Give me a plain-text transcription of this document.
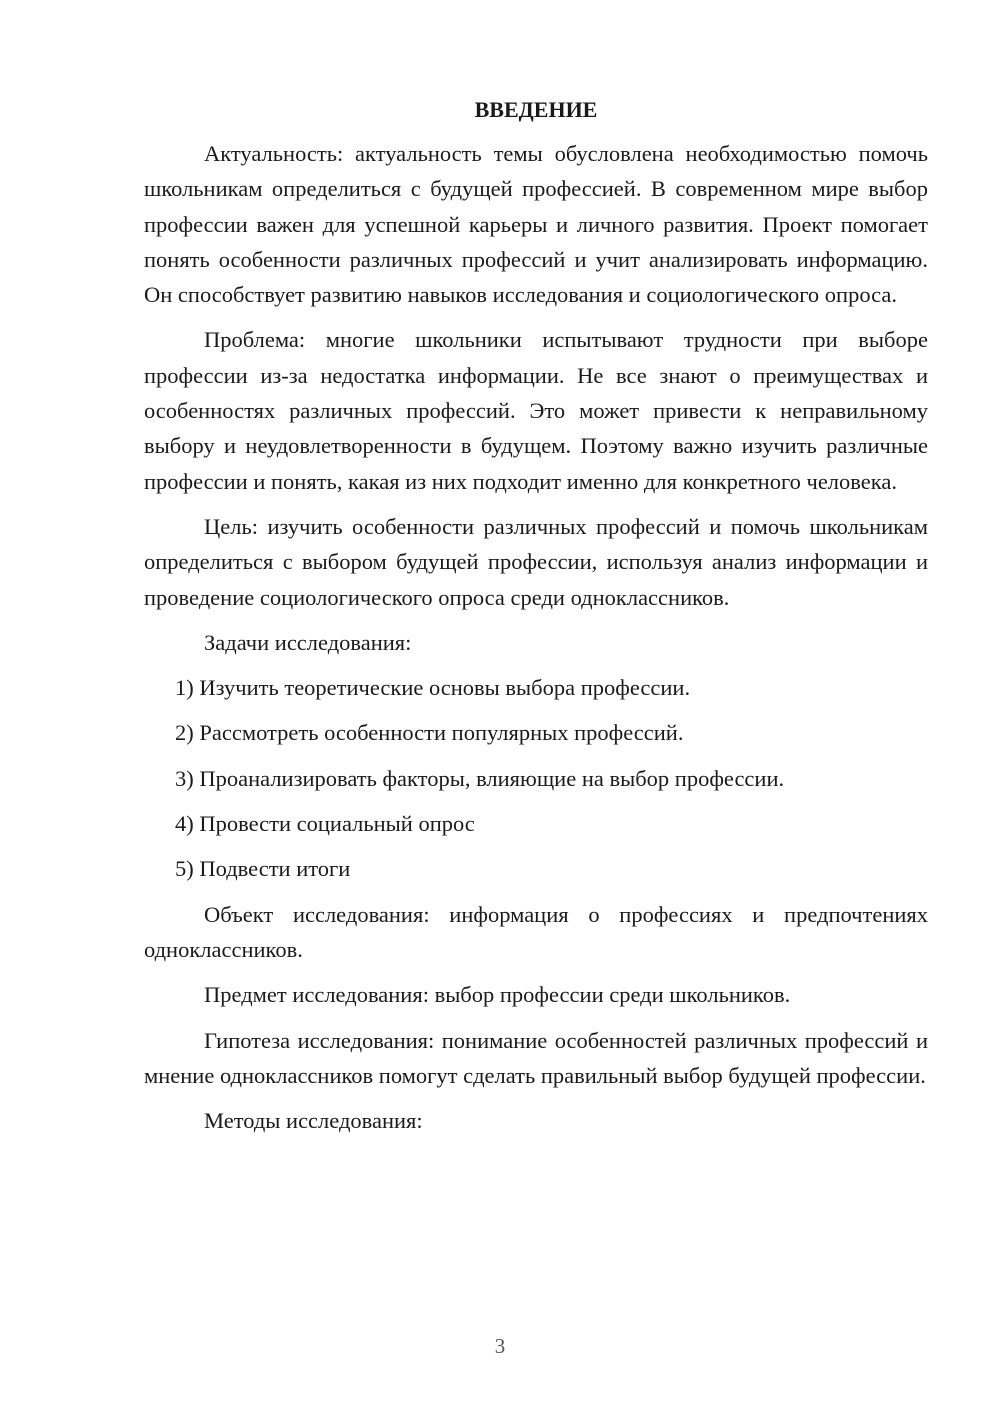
ВВЕДЕНИЕ

Актуальность: актуальность темы обусловлена необходимостью помочь школьникам определиться с будущей профессией. В современном мире выбор профессии важен для успешной карьеры и личного развития. Проект помогает понять особенности различных профессий и учит анализировать информацию. Он способствует развитию навыков исследования и социологического опроса.

Проблема: многие школьники испытывают трудности при выборе профессии из-за недостатка информации. Не все знают о преимуществах и особенностях различных профессий. Это может привести к неправильному выбору и неудовлетворенности в будущем. Поэтому важно изучить различные профессии и понять, какая из них подходит именно для конкретного человека.

Цель: изучить особенности различных профессий и помочь школьникам определиться с выбором будущей профессии, используя анализ информации и проведение социологического опроса среди одноклассников.

Задачи исследования:

1) Изучить теоретические основы выбора профессии.

2) Рассмотреть особенности популярных профессий.

3) Проанализировать факторы, влияющие на выбор профессии.

4) Провести социальный опрос

5) Подвести итоги

Объект исследования: информация о профессиях и предпочтениях одноклассников.

Предмет исследования: выбор профессии среди школьников.

Гипотеза исследования: понимание особенностей различных профессий и мнение одноклассников помогут сделать правильный выбор будущей профессии.

Методы исследования:

3
